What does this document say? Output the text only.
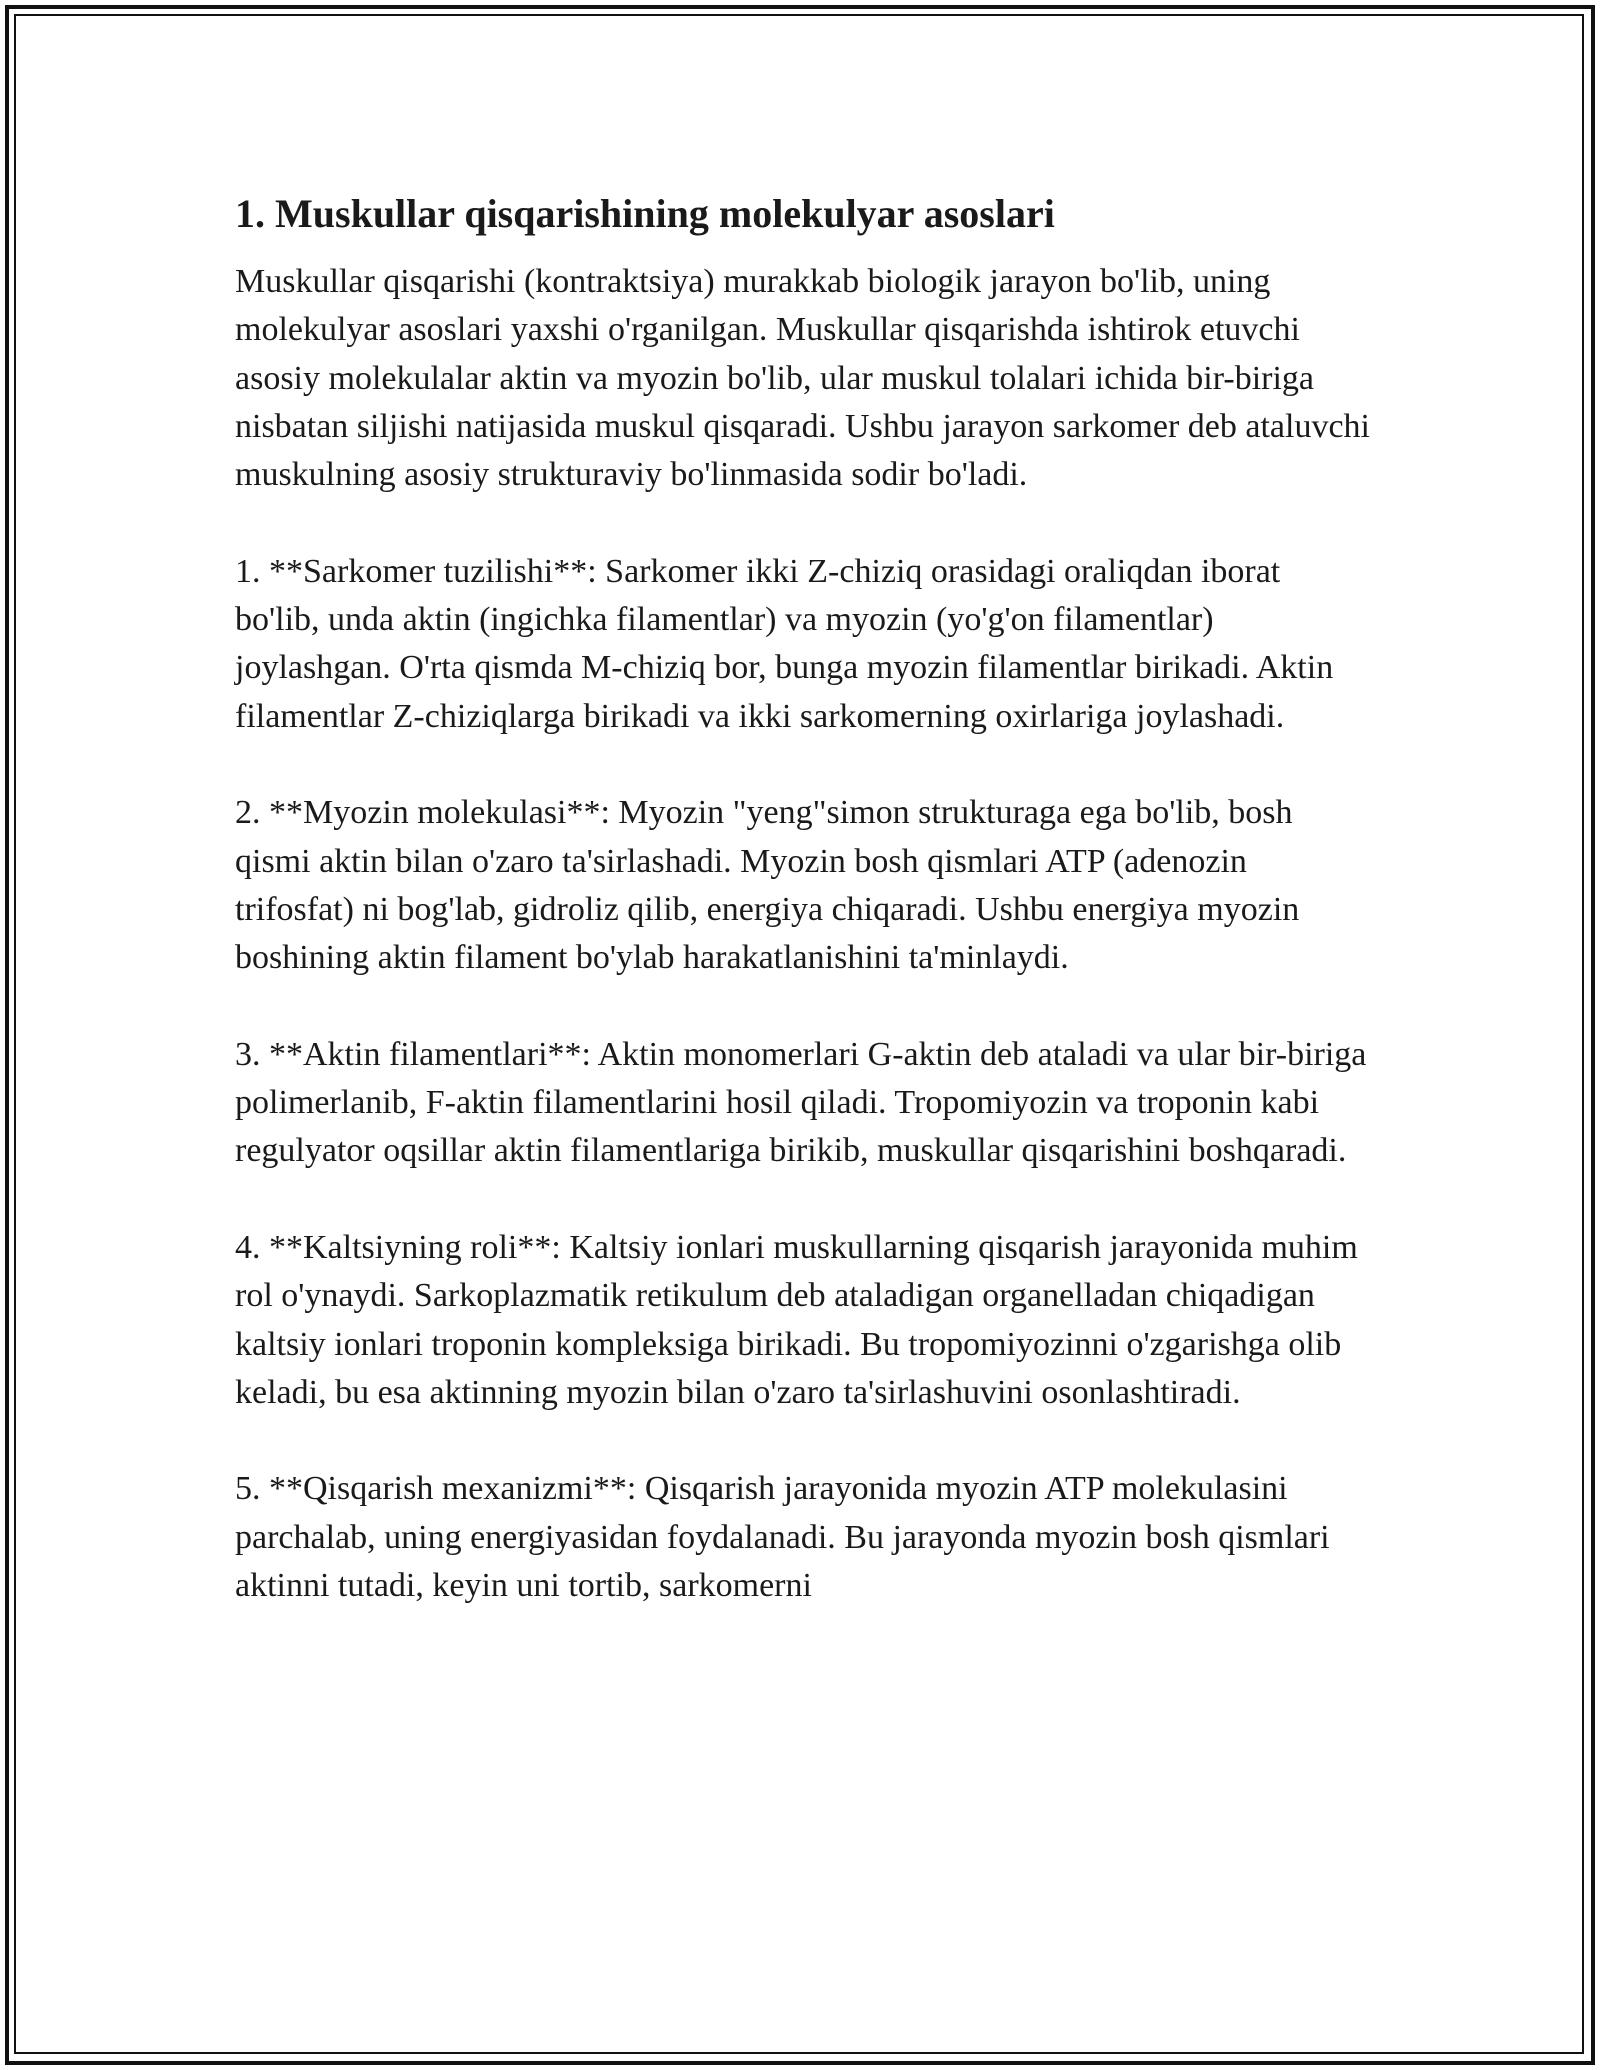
1. Muskullar qisqarishining molekulyar asoslari

Muskullar qisqarishi (kontraktsiya) murakkab biologik jarayon bo'lib, uning molekulyar asoslari yaxshi o'rganilgan. Muskullar qisqarishda ishtirok etuvchi asosiy molekulalar aktin va myozin bo'lib, ular muskul tolalari ichida bir-biriga nisbatan siljishi natijasida muskul qisqaradi. Ushbu jarayon sarkomer deb ataluvchi muskulning asosiy strukturaviy bo'linmasida sodir bo'ladi.

1. **Sarkomer tuzilishi**: Sarkomer ikki Z-chiziq orasidagi oraliqdan iborat bo'lib, unda aktin (ingichka filamentlar) va myozin (yo'g'on filamentlar) joylashgan. O'rta qismda M-chiziq bor, bunga myozin filamentlar birikadi. Aktin filamentlar Z-chiziqlarga birikadi va ikki sarkomerning oxirlariga joylashadi.

2. **Myozin molekulasi**: Myozin "yeng"simon strukturaga ega bo'lib, bosh qismi aktin bilan o'zaro ta'sirlashadi. Myozin bosh qismlari ATP (adenozin trifosfat) ni bog'lab, gidroliz qilib, energiya chiqaradi. Ushbu energiya myozin boshining aktin filament bo'ylab harakatlanishini ta'minlaydi.

3. **Aktin filamentlari**: Aktin monomerlari G-aktin deb ataladi va ular bir-biriga polimerlanib, F-aktin filamentlarini hosil qiladi. Tropomiyozin va troponin kabi regulyator oqsillar aktin filamentlariga birikib, muskullar qisqarishini boshqaradi.

4. **Kaltsiyning roli**: Kaltsiy ionlari muskullarning qisqarish jarayonida muhim rol o'ynaydi. Sarkoplazmatik retikulum deb ataladigan organelladan chiqadigan kaltsiy ionlari troponin kompleksiga birikadi. Bu tropomiyozinni o'zgarishga olib keladi, bu esa aktinning myozin bilan o'zaro ta'sirlashuvini osonlashtiradi.

5. **Qisqarish mexanizmi**: Qisqarish jarayonida myozin ATP molekulasini parchalab, uning energiyasidan foydalanadi. Bu jarayonda myozin bosh qismlari aktinni tutadi, keyin uni tortib, sarkomerni
